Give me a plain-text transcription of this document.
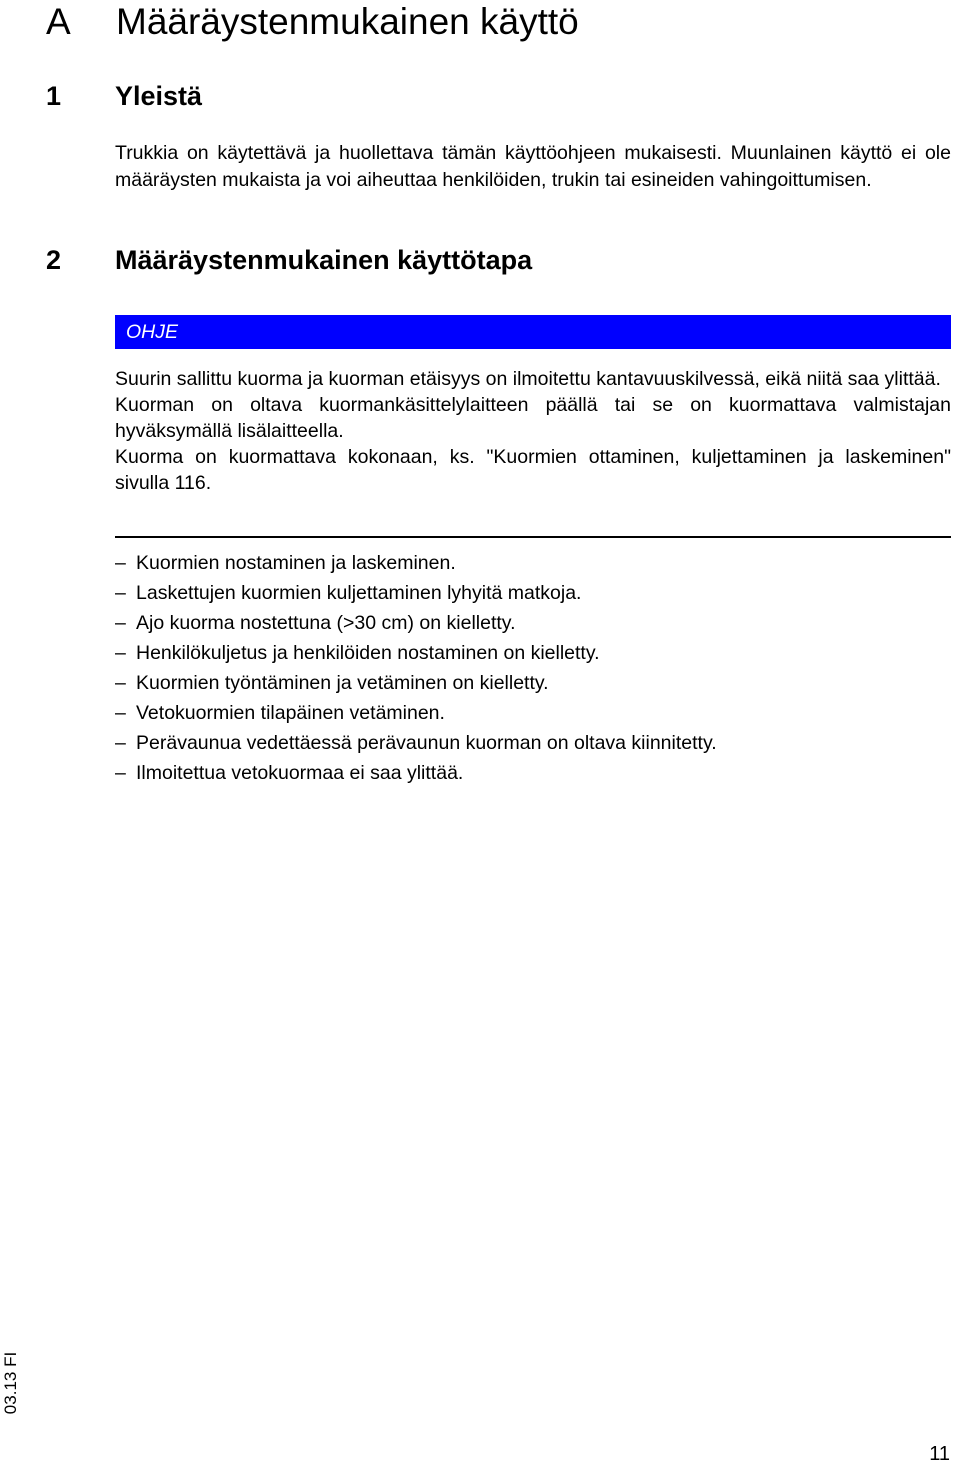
A Määräystenmukainen käyttö
1 Yleistä

Trukkia on käytettävä ja huollettava tämän käyttöohjeen mukaisesti. Muunlainen käyttö ei ole määräysten mukaista ja voi aiheuttaa henkilöiden, trukin tai esineiden vahingoittumisen.

2 Määräystenmukainen käyttötapa
OHJE

Suurin sallittu kuorma ja kuorman etäisyys on ilmoitettu kantavuuskilvessä, eikä niitä saa ylittää.

Kuorman on oltava kuormankäsittelylaitteen päällä tai se on kuormattava valmistajan hyväksymällä lisälaitteella.

Kuorma on kuormattava kokonaan, ks. "Kuormien ottaminen, kuljettaminen ja laskeminen" sivulla 116.

– Kuormien nostaminen ja laskeminen.
– Laskettujen kuormien kuljettaminen lyhyitä matkoja.
– Ajo kuorma nostettuna (>30 cm) on kielletty.
– Henkilökuljetus ja henkilöiden nostaminen on kielletty.
– Kuormien työntäminen ja vetäminen on kielletty.
– Vetokuormien tilapäinen vetäminen.
– Perävaunua vedettäessä perävaunun kuorman on oltava kiinnitetty.
– Ilmoitettua vetokuormaa ei saa ylittää.
03.13 FI
11
